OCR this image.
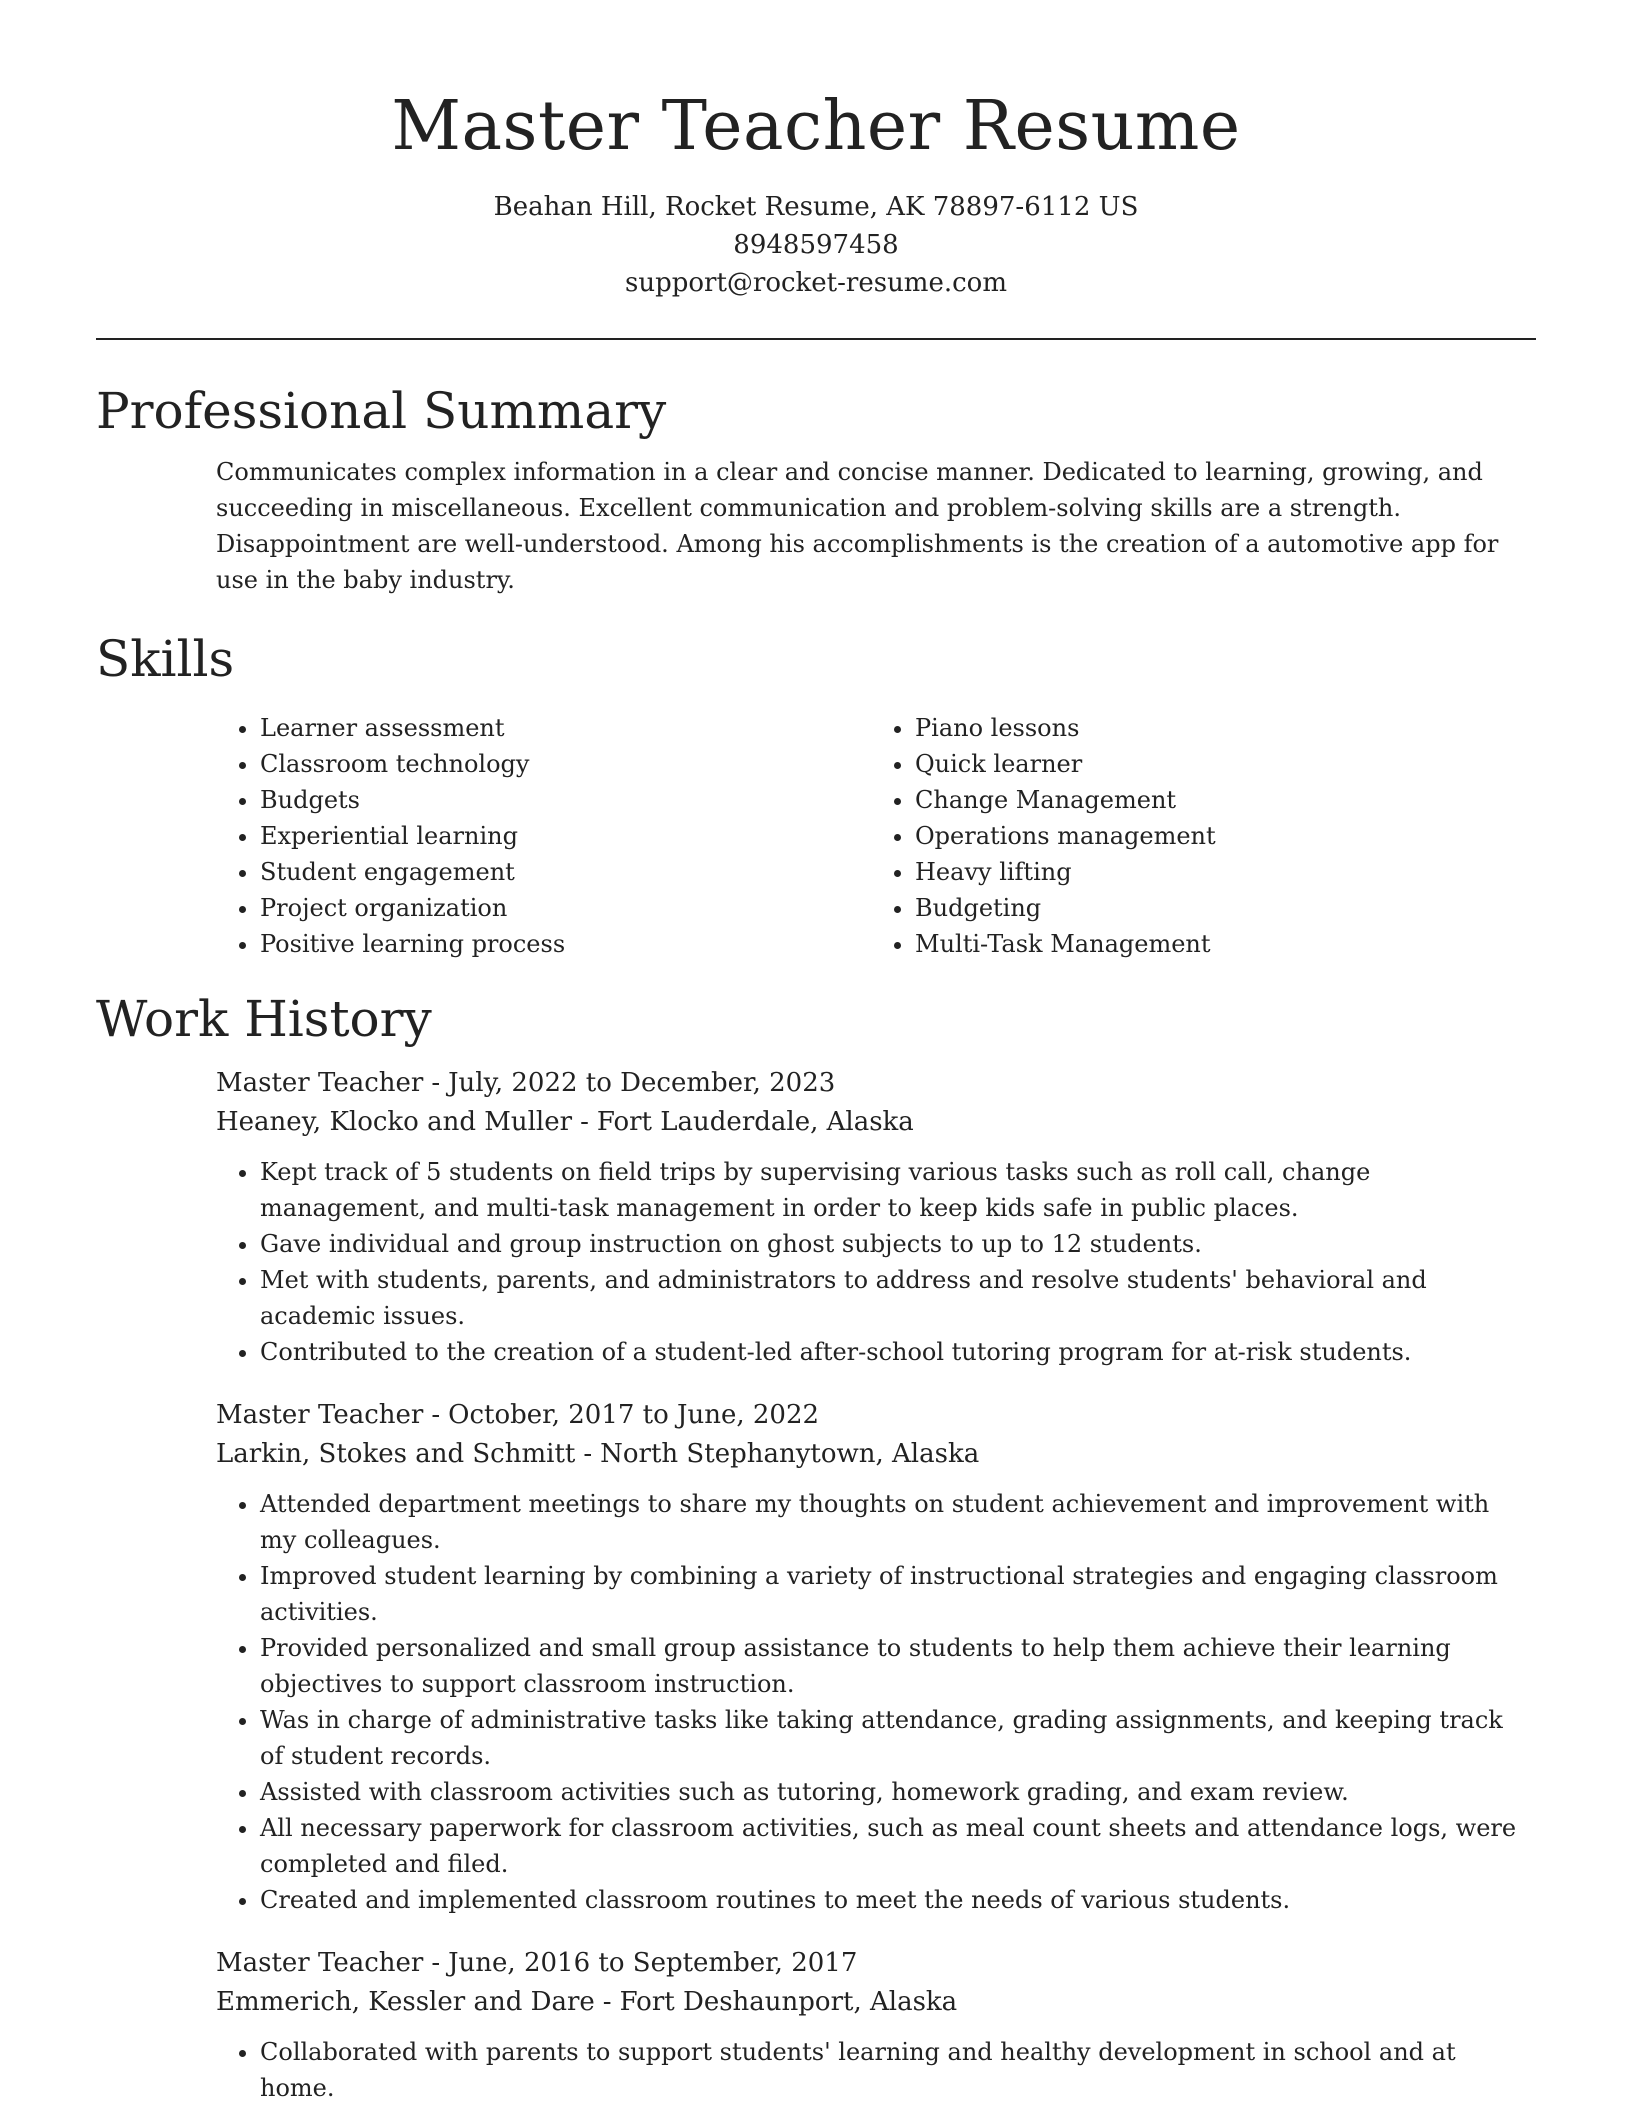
Master Teacher Resume
Beahan Hill, Rocket Resume, AK 78897-6112 US
8948597458
support@rocket-resume.com
Professional Summary

Communicates complex information in a clear and concise manner. Dedicated to learning, growing, and succeeding in miscellaneous. Excellent communication and problem-solving skills are a strength. Disappointment are well-understood. Among his accomplishments is the creation of a automotive app for use in the baby industry.

Skills
• Learner assessment
• Classroom technology
• Budgets
• Experiential learning
• Student engagement
• Project organization
• Positive learning process
• Piano lessons
• Quick learner
• Change Management
• Operations management
• Heavy lifting
• Budgeting
• Multi-Task Management
Work History
Master Teacher - July, 2022 to December, 2023
Heaney, Klocko and Muller - Fort Lauderdale, Alaska
• Kept track of 5 students on field trips by supervising various tasks such as roll call, change management, and multi-task management in order to keep kids safe in public places.
• Gave individual and group instruction on ghost subjects to up to 12 students.
• Met with students, parents, and administrators to address and resolve students' behavioral and academic issues.
• Contributed to the creation of a student-led after-school tutoring program for at-risk students.
Master Teacher - October, 2017 to June, 2022
Larkin, Stokes and Schmitt - North Stephanytown, Alaska
• Attended department meetings to share my thoughts on student achievement and improvement with my colleagues.
• Improved student learning by combining a variety of instructional strategies and engaging classroom activities.
• Provided personalized and small group assistance to students to help them achieve their learning objectives to support classroom instruction.
• Was in charge of administrative tasks like taking attendance, grading assignments, and keeping track of student records.
• Assisted with classroom activities such as tutoring, homework grading, and exam review.
• All necessary paperwork for classroom activities, such as meal count sheets and attendance logs, were completed and filed.
• Created and implemented classroom routines to meet the needs of various students.
Master Teacher - June, 2016 to September, 2017
Emmerich, Kessler and Dare - Fort Deshaunport, Alaska
• Collaborated with parents to support students' learning and healthy development in school and at home.
